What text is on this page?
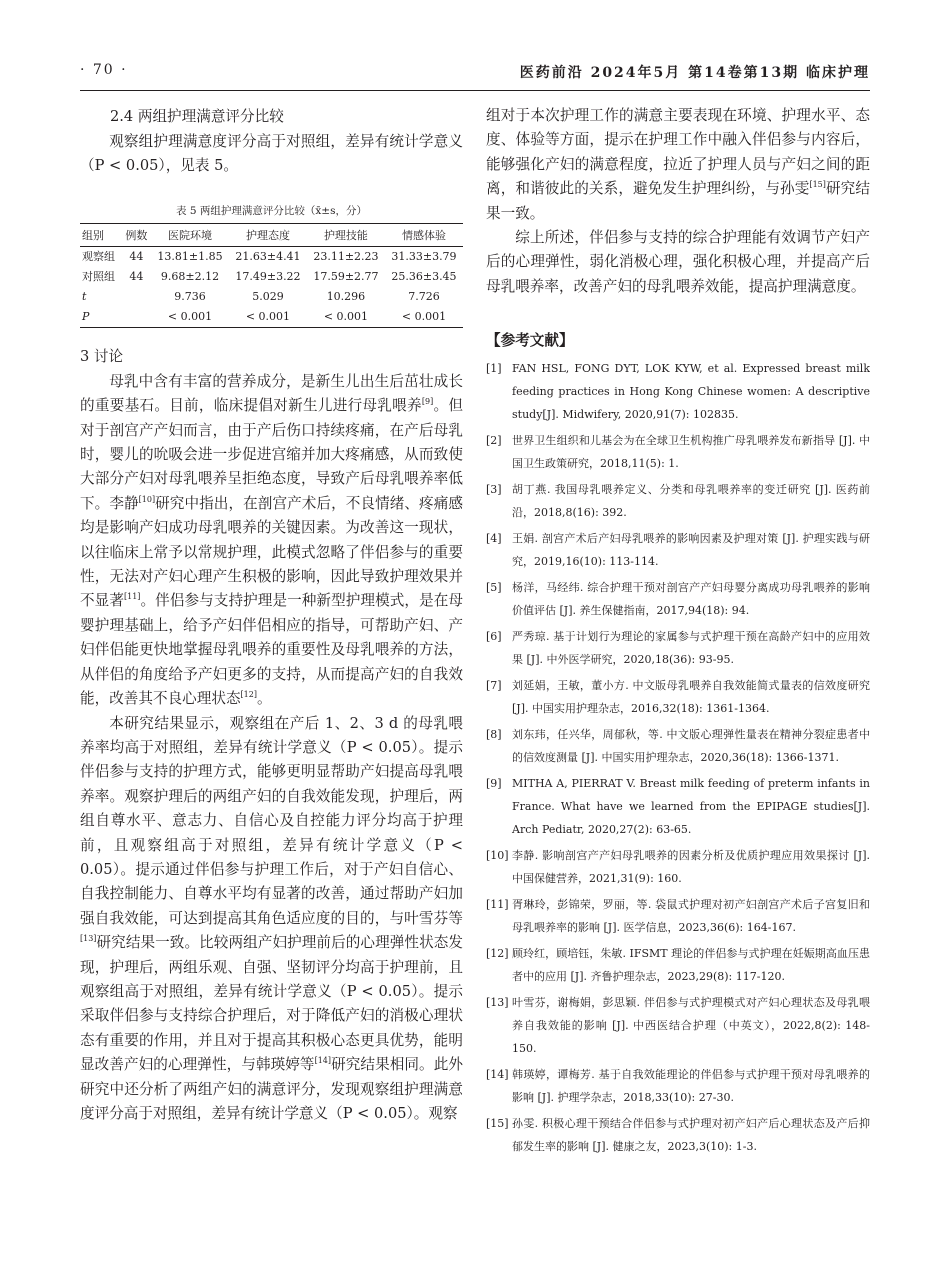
· 70 ·	医药前沿 2024年5月 第14卷第13期 临床护理
2.4 两组护理满意评分比较

观察组护理满意度评分高于对照组，差异有统计学意义（P < 0.05），见表 5。

表 5 两组护理满意评分比较（x̄±s，分）
组别	例数	医院环境	护理态度	护理技能	情感体验
观察组	44	13.81±1.85	21.63±4.41	23.11±2.23	31.33±3.79
对照组	44	9.68±2.12	17.49±3.22	17.59±2.77	25.36±3.45
t		9.736	5.029	10.296	7.726
P		< 0.001	< 0.001	< 0.001	< 0.001
3 讨论

母乳中含有丰富的营养成分，是新生儿出生后茁壮成长的重要基石。目前，临床提倡对新生儿进行母乳喂养[9]。但对于剖宫产产妇而言，由于产后伤口持续疼痛，在产后母乳时，婴儿的吮吸会进一步促进宫缩并加大疼痛感，从而致使大部分产妇对母乳喂养呈拒绝态度，导致产后母乳喂养率低下。李静[10]研究中指出，在剖宫产术后，不良情绪、疼痛感均是影响产妇成功母乳喂养的关键因素。为改善这一现状，以往临床上常予以常规护理，此模式忽略了伴侣参与的重要性，无法对产妇心理产生积极的影响，因此导致护理效果并不显著[11]。伴侣参与支持护理是一种新型护理模式，是在母婴护理基础上，给予产妇伴侣相应的指导，可帮助产妇、产妇伴侣能更快地掌握母乳喂养的重要性及母乳喂养的方法，从伴侣的角度给予产妇更多的支持，从而提高产妇的自我效能，改善其不良心理状态[12]。

本研究结果显示，观察组在产后 1、2、3 d 的母乳喂养率均高于对照组，差异有统计学意义（P < 0.05）。提示伴侣参与支持的护理方式，能够更明显帮助产妇提高母乳喂养率。观察护理后的两组产妇的自我效能发现，护理后，两组自尊水平、意志力、自信心及自控能力评分均高于护理前，且观察组高于对照组，差异有统计学意义（P < 0.05）。提示通过伴侣参与护理工作后，对于产妇自信心、自我控制能力、自尊水平均有显著的改善，通过帮助产妇加强自我效能，可达到提高其角色适应度的目的，与叶雪芬等[13]研究结果一致。比较两组产妇护理前后的心理弹性状态发现，护理后，两组乐观、自强、坚韧评分均高于护理前，且观察组高于对照组，差异有统计学意义（P < 0.05）。提示采取伴侣参与支持综合护理后，对于降低产妇的消极心理状态有重要的作用，并且对于提高其积极心态更具优势，能明显改善产妇的心理弹性，与韩瑛婷等[14]研究结果相同。此外研究中还分析了两组产妇的满意评分，发现观察组护理满意度评分高于对照组，差异有统计学意义（P < 0.05）。观察

组对于本次护理工作的满意主要表现在环境、护理水平、态度、体验等方面，提示在护理工作中融入伴侣参与内容后，能够强化产妇的满意程度，拉近了护理人员与产妇之间的距离，和谐彼此的关系，避免发生护理纠纷，与孙雯[15]研究结果一致。

综上所述，伴侣参与支持的综合护理能有效调节产妇产后的心理弹性，弱化消极心理，强化积极心理，并提高产后母乳喂养率，改善产妇的母乳喂养效能，提高护理满意度。

【参考文献】
[1] FAN HSL, FONG DYT, LOK KYW, et al. Expressed breast milk feeding practices in Hong Kong Chinese women: A descriptive study[J]. Midwifery, 2020,91(7): 102835.
[2] 世界卫生组织和儿基会为在全球卫生机构推广母乳喂养发布新指导 [J]. 中国卫生政策研究，2018,11(5): 1.
[3] 胡丁燕. 我国母乳喂养定义、分类和母乳喂养率的变迁研究 [J]. 医药前沿，2018,8(16): 392.
[4] 王娟. 剖宫产术后产妇母乳喂养的影响因素及护理对策 [J]. 护理实践与研究，2019,16(10): 113-114.
[5] 杨洋，马经纬. 综合护理干预对剖宫产产妇母婴分离成功母乳喂养的影响价值评估 [J]. 养生保健指南，2017,94(18): 94.
[6] 严秀琼. 基于计划行为理论的家属参与式护理干预在高龄产妇中的应用效果 [J]. 中外医学研究，2020,18(36): 93-95.
[7] 刘延娟，王敏，董小方. 中文版母乳喂养自我效能简式量表的信效度研究 [J]. 中国实用护理杂志，2016,32(18): 1361-1364.
[8] 刘东玮，任兴华，周郁秋，等. 中文版心理弹性量表在精神分裂症患者中的信效度测量 [J]. 中国实用护理杂志，2020,36(18): 1366-1371.
[9] MITHA A, PIERRAT V. Breast milk feeding of preterm infants in France. What have we learned from the EPIPAGE studies[J]. Arch Pediatr, 2020,27(2): 63-65.
[10] 李静. 影响剖宫产产妇母乳喂养的因素分析及优质护理应用效果探讨 [J]. 中国保健营养，2021,31(9): 160.
[11] 胥琳玲，彭锦荣，罗丽，等. 袋鼠式护理对初产妇剖宫产术后子宫复旧和母乳喂养率的影响 [J]. 医学信息，2023,36(6): 164-167.
[12] 顾玲红，顾培钰，朱敏. IFSMT 理论的伴侣参与式护理在妊娠期高血压患者中的应用 [J]. 齐鲁护理杂志，2023,29(8): 117-120.
[13] 叶雪芬，谢梅娟，彭思颖. 伴侣参与式护理模式对产妇心理状态及母乳喂养自我效能的影响 [J]. 中西医结合护理（中英文），2022,8(2): 148-150.
[14] 韩瑛婷，谭梅芳. 基于自我效能理论的伴侣参与式护理干预对母乳喂养的影响 [J]. 护理学杂志，2018,33(10): 27-30.
[15] 孙雯. 积极心理干预结合伴侣参与式护理对初产妇产后心理状态及产后抑郁发生率的影响 [J]. 健康之友，2023,3(10): 1-3.
